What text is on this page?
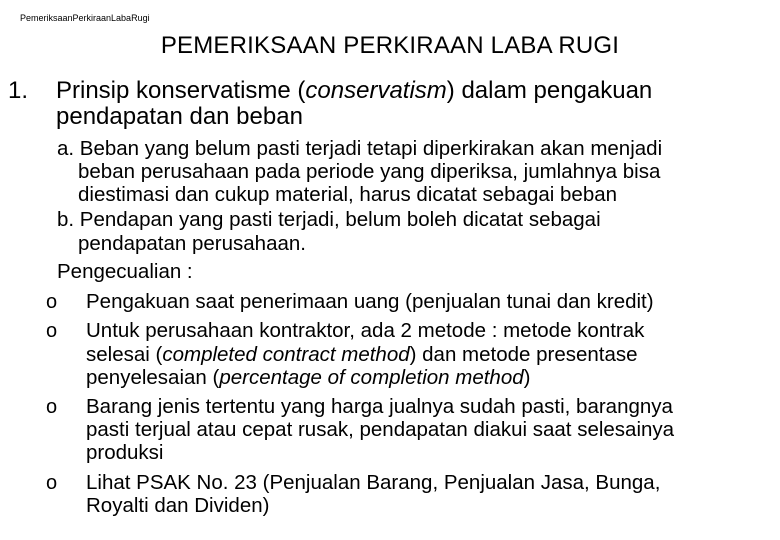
PemeriksaanPerkiraanLabaRugi
PEMERIKSAAN PERKIRAAN LABA RUGI
1. Prinsip konservatisme (conservatism) dalam pengakuan
pendapatan dan beban
a. Beban yang belum pasti terjadi tetapi diperkirakan akan menjadi
beban perusahaan pada periode yang diperiksa, jumlahnya bisa
diestimasi dan cukup material, harus dicatat sebagai beban
b. Pendapan yang pasti terjadi, belum boleh dicatat sebagai
pendapatan perusahaan.
Pengecualian :
o Pengakuan saat penerimaan uang (penjualan tunai dan kredit)
o Untuk perusahaan kontraktor, ada 2 metode : metode kontrak
selesai (completed contract method) dan metode presentase
penyelesaian (percentage of completion method)
o Barang jenis tertentu yang harga jualnya sudah pasti, barangnya
pasti terjual atau cepat rusak, pendapatan diakui saat selesainya
produksi
o Lihat PSAK No. 23 (Penjualan Barang, Penjualan Jasa, Bunga,
Royalti dan Dividen)
